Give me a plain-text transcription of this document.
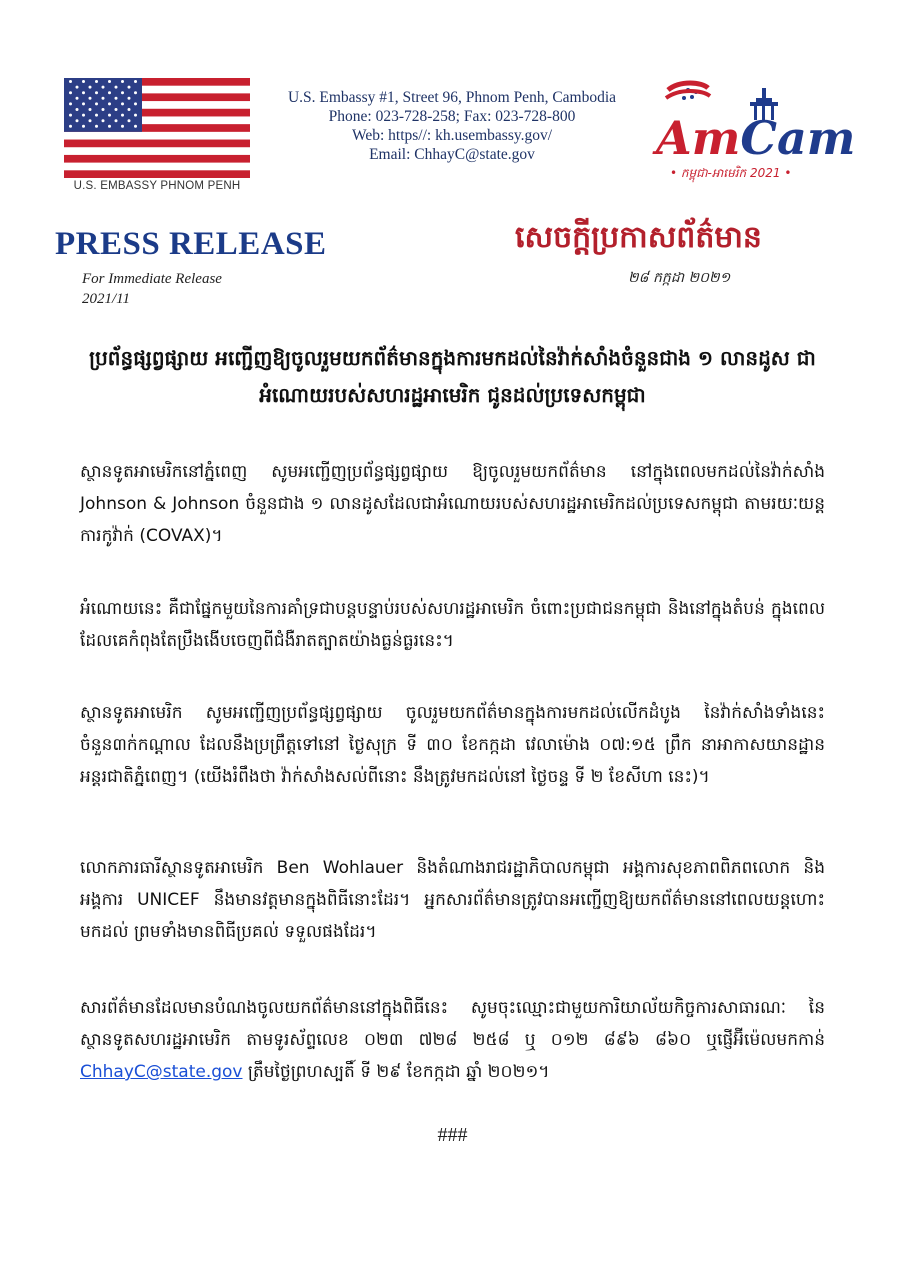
U.S. EMBASSY PHNOM PENH
U.S. Embassy #1, Street 96, Phnom Penh, Cambodia
Phone: 023-728-258; Fax: 023-728-800
Web: https//: kh.usembassy.gov/
Email: ChhayC@state.gov	AmCam
• កម្ពុជា-អាមេរិក 2021 •
PRESS RELEASE
For Immediate Release
2021/11
សេចក្តីប្រកាសព័ត៌មាន
២៨ កក្កដា ២០២១
ប្រព័ន្ធផ្សព្វផ្សាយ អញ្ជើញឱ្យចូលរួមយកព័ត៌មានក្នុងការមកដល់នៃវ៉ាក់សាំងចំនួនជាង ១ លានដូស ជាអំណោយរបស់សហរដ្ឋអាមេរិក ជូនដល់ប្រទេសកម្ពុជា
ស្ថានទូតអាមេរិកនៅភ្នំពេញ សូមអញ្ជើញប្រព័ន្ធផ្សព្វផ្សាយ ឱ្យចូលរួមយកព័ត៌មាន នៅក្នុងពេលមកដល់នៃវ៉ាក់សាំង Johnson & Johnson ចំនួនជាង ១ លានដូសដែលជាអំណោយរបស់សហរដ្ឋអាមេរិកដល់ប្រទេសកម្ពុជា តាមរយៈយន្តការកូវ៉ាក់ (COVAX)។
អំណោយនេះ គឺជាផ្នែកមួយនៃការគាំទ្រជាបន្តបន្ទាប់របស់សហរដ្ឋអាមេរិក ចំពោះប្រជាជនកម្ពុជា និងនៅក្នុងតំបន់ ក្នុងពេលដែលគេកំពុងតែប្រឹងងើបចេញពីជំងឺរាតត្បាតយ៉ាងធ្ងន់ធ្ងរនេះ។
ស្ថានទូតអាមេរិក សូមអញ្ជើញប្រព័ន្ធផ្សព្វផ្សាយ ចូលរួមយកព័ត៌មានក្នុងការមកដល់លើកដំបូង នៃវ៉ាក់សាំងទាំងនេះ ចំនួន៣ក់កណ្តាល ដែលនឹងប្រព្រឹត្តទៅនៅ ថ្ងៃសុក្រ ទី ៣០ ខែកក្កដា វេលាម៉ោង ០៧:១៥ ព្រឹក នាអាកាសយានដ្ឋានអន្តរជាតិភ្នំពេញ។ (យើងរំពឹងថា វ៉ាក់សាំងសល់ពីនោះ នឹងត្រូវមកដល់នៅ ថ្ងៃចន្ទ ទី ២ ខែសីហា នេះ)។
លោកភារធារីស្ថានទូតអាមេរិក Ben Wohlauer និងតំណាងរាជរដ្ឋាភិបាលកម្ពុជា អង្គការសុខភាពពិភពលោក និងអង្គការ UNICEF នឹងមានវត្តមានក្នុងពិធីនោះដែរ។ អ្នកសារព័ត៌មានត្រូវបានអញ្ជើញឱ្យយកព័ត៌មាននៅពេលយន្តហោះមកដល់ ព្រមទាំងមានពិធីប្រគល់ ទទួលផងដែរ។
សារព័ត៌មានដែលមានបំណងចូលយកព័ត៌មាននៅក្នុងពិធីនេះ សូមចុះឈ្មោះជាមួយការិយាល័យកិច្ចការសាធារណៈ នៃស្ថានទូតសហរដ្ឋអាមេរិក តាមទូរស័ព្ទលេខ ០២៣ ៧២៨ ២៥៨ ឬ ០១២ ៨៩៦ ៨៦០ ឬផ្ញើអ៊ីម៉េលមកកាន់ ChhayC@state.gov ត្រឹមថ្ងៃព្រហស្បតិ៍ ទី ២៩ ខែកក្កដា ឆ្នាំ ២០២១។
###
